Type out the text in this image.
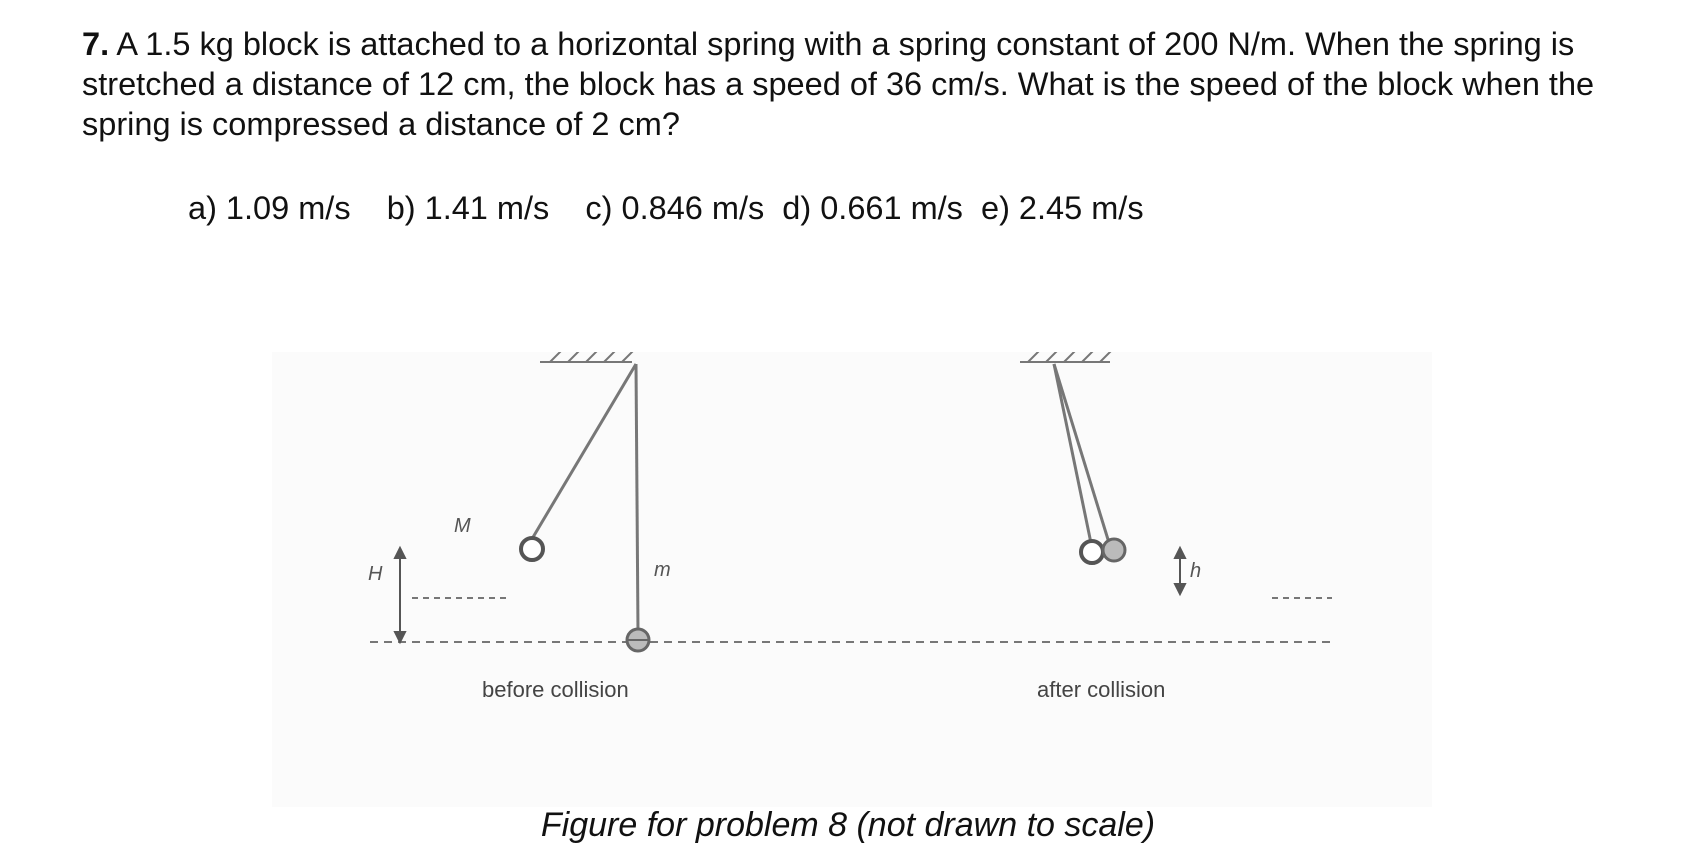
7. A 1.5 kg block is attached to a horizontal spring with a spring constant of 200 N/m. When the spring is stretched a distance of 12 cm, the block has a speed of 36 cm/s. What is the speed of the block when the spring is compressed a distance of 2 cm?
a) 1.09 m/s b) 1.41 m/s c) 0.846 m/s d) 0.661 m/s e) 2.45 m/s
H
M
m	h
before collision	after collision
Figure for problem 8 (not drawn to scale)
